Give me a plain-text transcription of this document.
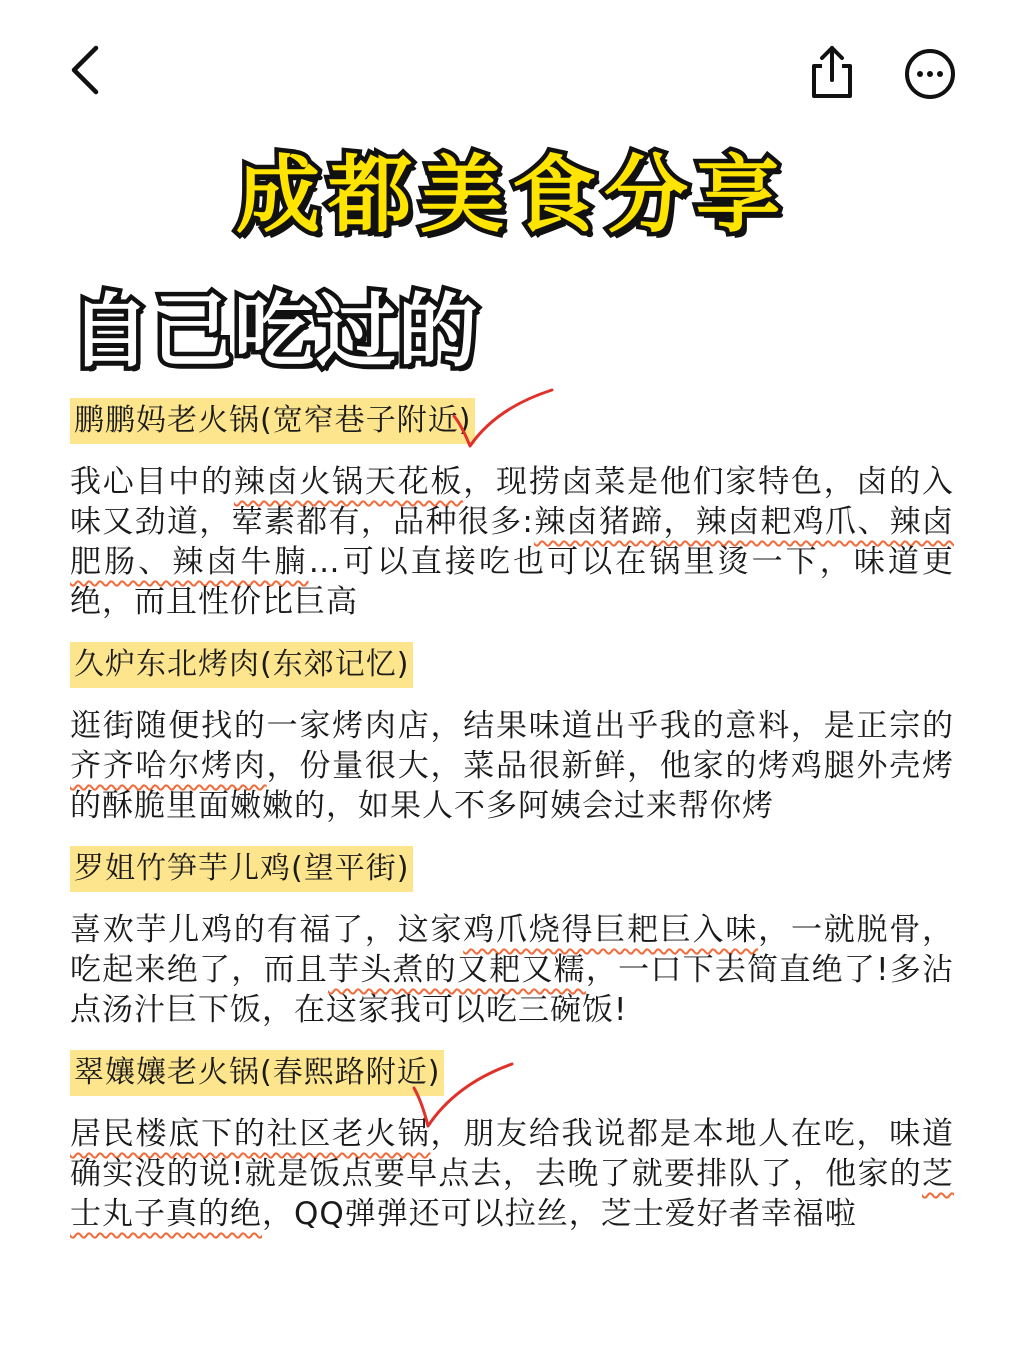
成都美食分享
自己吃过的
鹏鹏妈老火锅(宽窄巷子附近)
我心目中的辣卤火锅天花板，现捞卤菜是他们家特色，卤的入味又劲道，荤素都有，品种很多:辣卤猪蹄，辣卤耙鸡爪、辣卤肥肠、辣卤牛腩…可以直接吃也可以在锅里烫一下，味道更绝，而且性价比巨高
久炉东北烤肉(东郊记忆)
逛街随便找的一家烤肉店，结果味道出乎我的意料，是正宗的齐齐哈尔烤肉，份量很大，菜品很新鲜，他家的烤鸡腿外壳烤的酥脆里面嫩嫩的，如果人不多阿姨会过来帮你烤
罗姐竹笋芋儿鸡(望平街)
喜欢芋儿鸡的有福了，这家鸡爪烧得巨耙巨入味，一就脱骨，吃起来绝了，而且芋头煮的又耙又糯，一口下去简直绝了!多沾点汤汁巨下饭，在这家我可以吃三碗饭!
翠孃孃老火锅(春熙路附近)
居民楼底下的社区老火锅，朋友给我说都是本地人在吃，味道确实没的说!就是饭点要早点去，去晚了就要排队了，他家的芝士丸子真的绝，QQ弹弹还可以拉丝，芝士爱好者幸福啦
